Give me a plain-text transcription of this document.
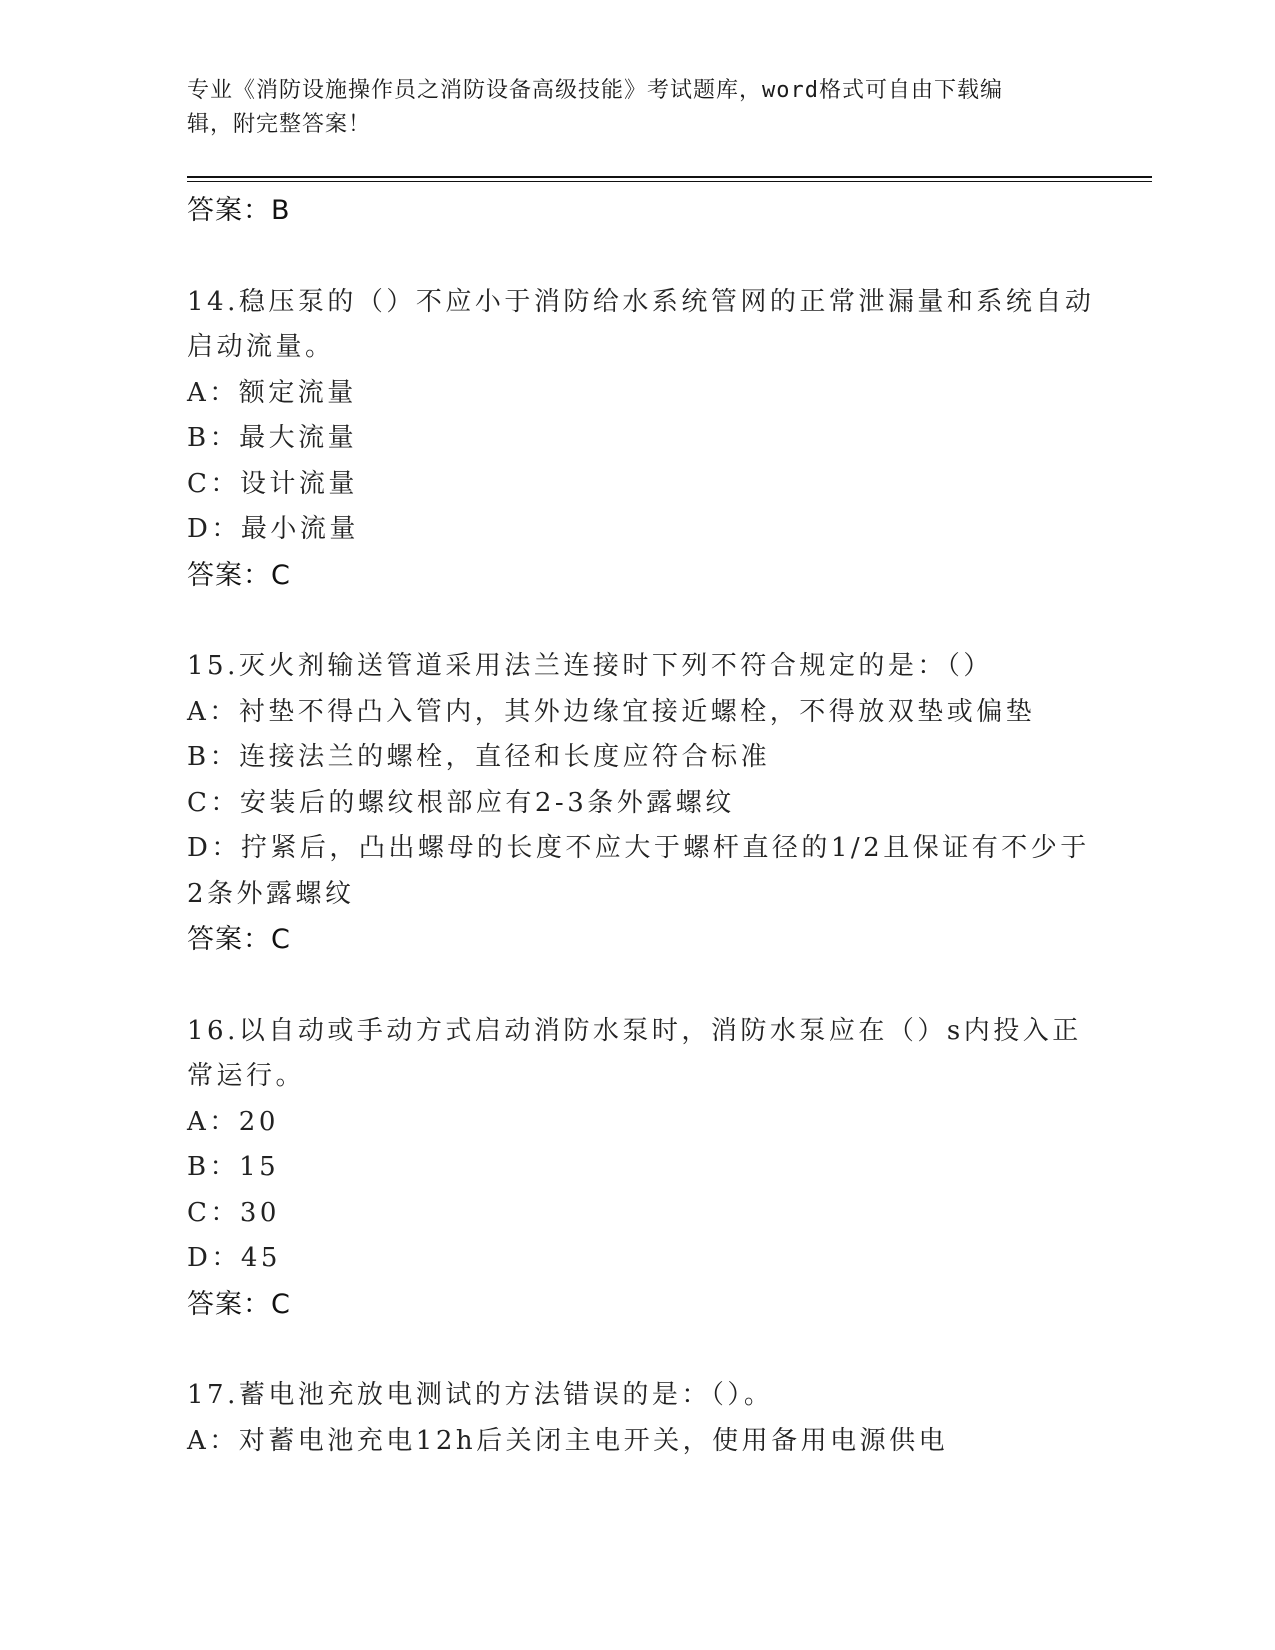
专业《消防设施操作员之消防设备高级技能》考试题库，word格式可自由下载编
辑，附完整答案！
答案：B
14.稳压泵的（）不应小于消防给水系统管网的正常泄漏量和系统自动
启动流量。
A：额定流量
B：最大流量
C：设计流量
D：最小流量
答案：C
15.灭火剂输送管道采用法兰连接时下列不符合规定的是：（）
A：衬垫不得凸入管内，其外边缘宜接近螺栓，不得放双垫或偏垫
B：连接法兰的螺栓，直径和长度应符合标准
C：安装后的螺纹根部应有2-3条外露螺纹
D：拧紧后，凸出螺母的长度不应大于螺杆直径的1/2且保证有不少于
2条外露螺纹
答案：C
16.以自动或手动方式启动消防水泵时，消防水泵应在（）s内投入正
常运行。
A：20
B：15
C：30
D：45
答案：C
17.蓄电池充放电测试的方法错误的是：（）。
A：对蓄电池充电12h后关闭主电开关，使用备用电源供电
